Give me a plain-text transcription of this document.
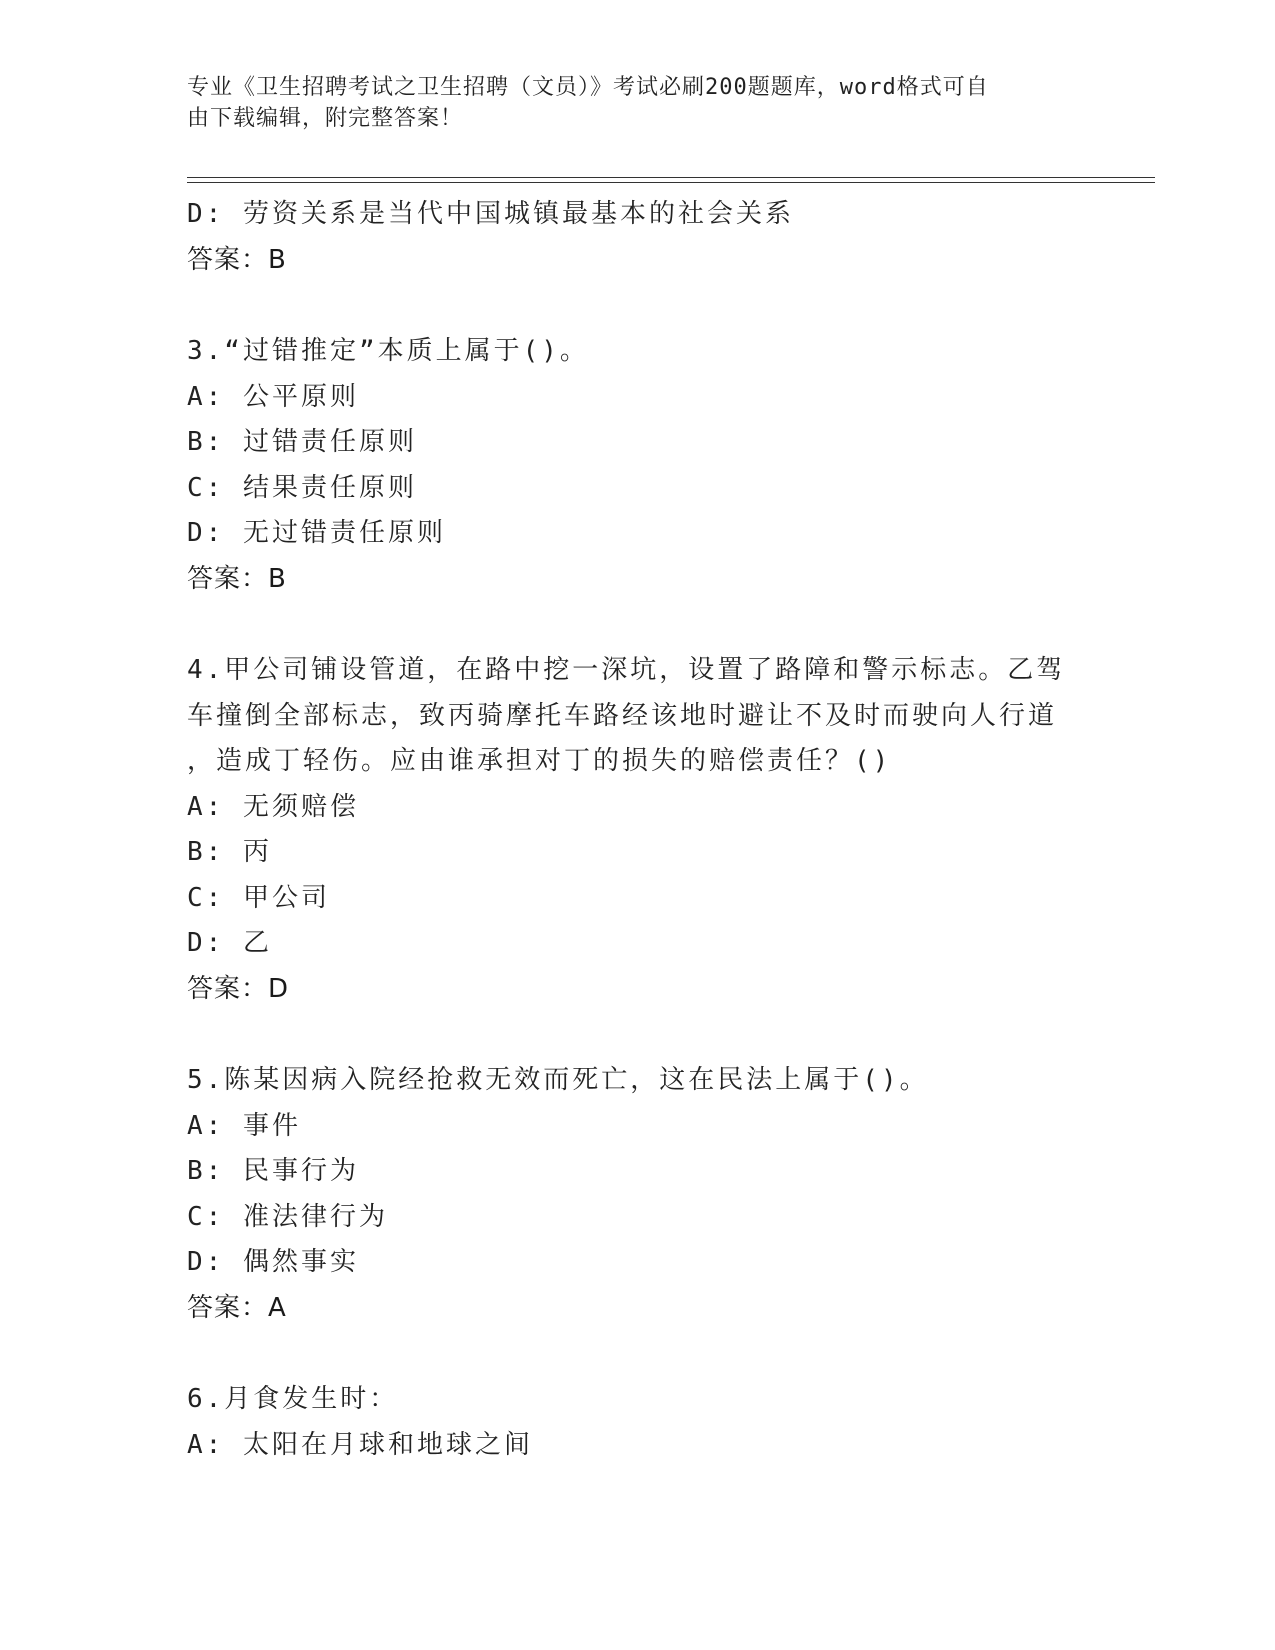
专业《卫生招聘考试之卫生招聘（文员）》考试必刷200题题库，word格式可自
由下载编辑，附完整答案！
D: 劳资关系是当代中国城镇最基本的社会关系
答案：B
3.“过错推定”本质上属于()。
A: 公平原则
B: 过错责任原则
C: 结果责任原则
D: 无过错责任原则
答案：B
4.甲公司铺设管道，在路中挖一深坑，设置了路障和警示标志。乙驾
车撞倒全部标志，致丙骑摩托车路经该地时避让不及时而驶向人行道
，造成丁轻伤。应由谁承担对丁的损失的赔偿责任？()
A: 无须赔偿
B: 丙
C: 甲公司
D: 乙
答案：D
5.陈某因病入院经抢救无效而死亡，这在民法上属于()。
A: 事件
B: 民事行为
C: 准法律行为
D: 偶然事实
答案：A
6.月食发生时：
A: 太阳在月球和地球之间
